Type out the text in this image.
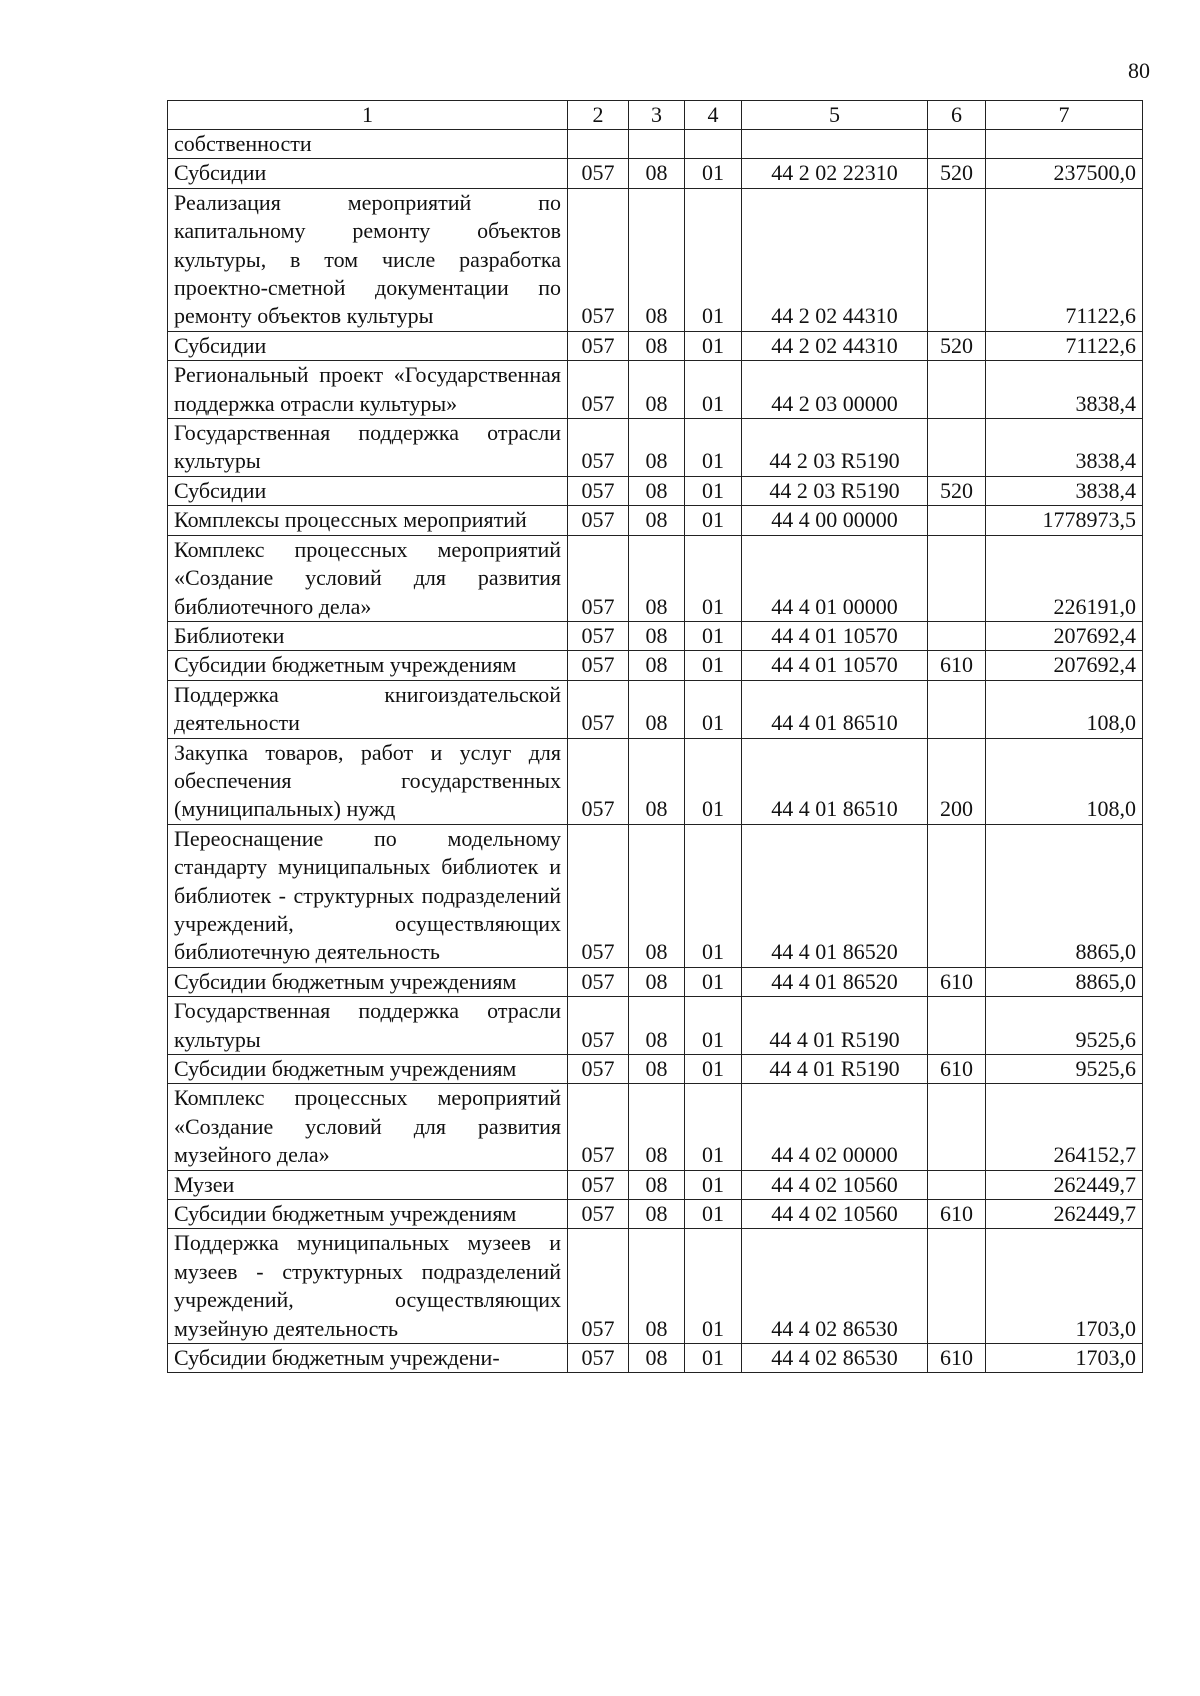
80
1	2	3	4	5	6	7
собственности						
Субсидии	057	08	01	44 2 02 22310	520	237500,0
Реализация мероприятий по капитальному ремонту объектов культуры, в том числе разработка проектно-сметной документации по ремонту объектов культуры	057	08	01	44 2 02 44310		71122,6
Субсидии	057	08	01	44 2 02 44310	520	71122,6
Региональный проект «Государственная поддержка отрасли культуры»	057	08	01	44 2 03 00000		3838,4
Государственная поддержка отрасли культуры	057	08	01	44 2 03 R5190		3838,4
Субсидии	057	08	01	44 2 03 R5190	520	3838,4
Комплексы процессных мероприятий	057	08	01	44 4 00 00000		1778973,5
Комплекс процессных мероприятий «Создание условий для развития библиотечного дела»	057	08	01	44 4 01 00000		226191,0
Библиотеки	057	08	01	44 4 01 10570		207692,4
Субсидии бюджетным учреждениям	057	08	01	44 4 01 10570	610	207692,4
Поддержка книгоиздательской деятельности	057	08	01	44 4 01 86510		108,0
Закупка товаров, работ и услуг для обеспечения государственных (муниципальных) нужд	057	08	01	44 4 01 86510	200	108,0
Переоснащение по модельному стандарту муниципальных библиотек и библиотек - структурных подразделений учреждений, осуществляющих библиотечную деятельность	057	08	01	44 4 01 86520		8865,0
Субсидии бюджетным учреждениям	057	08	01	44 4 01 86520	610	8865,0
Государственная поддержка отрасли культуры	057	08	01	44 4 01 R5190		9525,6
Субсидии бюджетным учреждениям	057	08	01	44 4 01 R5190	610	9525,6
Комплекс процессных мероприятий «Создание условий для развития музейного дела»	057	08	01	44 4 02 00000		264152,7
Музеи	057	08	01	44 4 02 10560		262449,7
Субсидии бюджетным учреждениям	057	08	01	44 4 02 10560	610	262449,7
Поддержка муниципальных музеев и музеев - структурных подразделений учреждений, осуществляющих музейную деятельность	057	08	01	44 4 02 86530		1703,0
Субсидии бюджетным учреждени-	057	08	01	44 4 02 86530	610	1703,0
